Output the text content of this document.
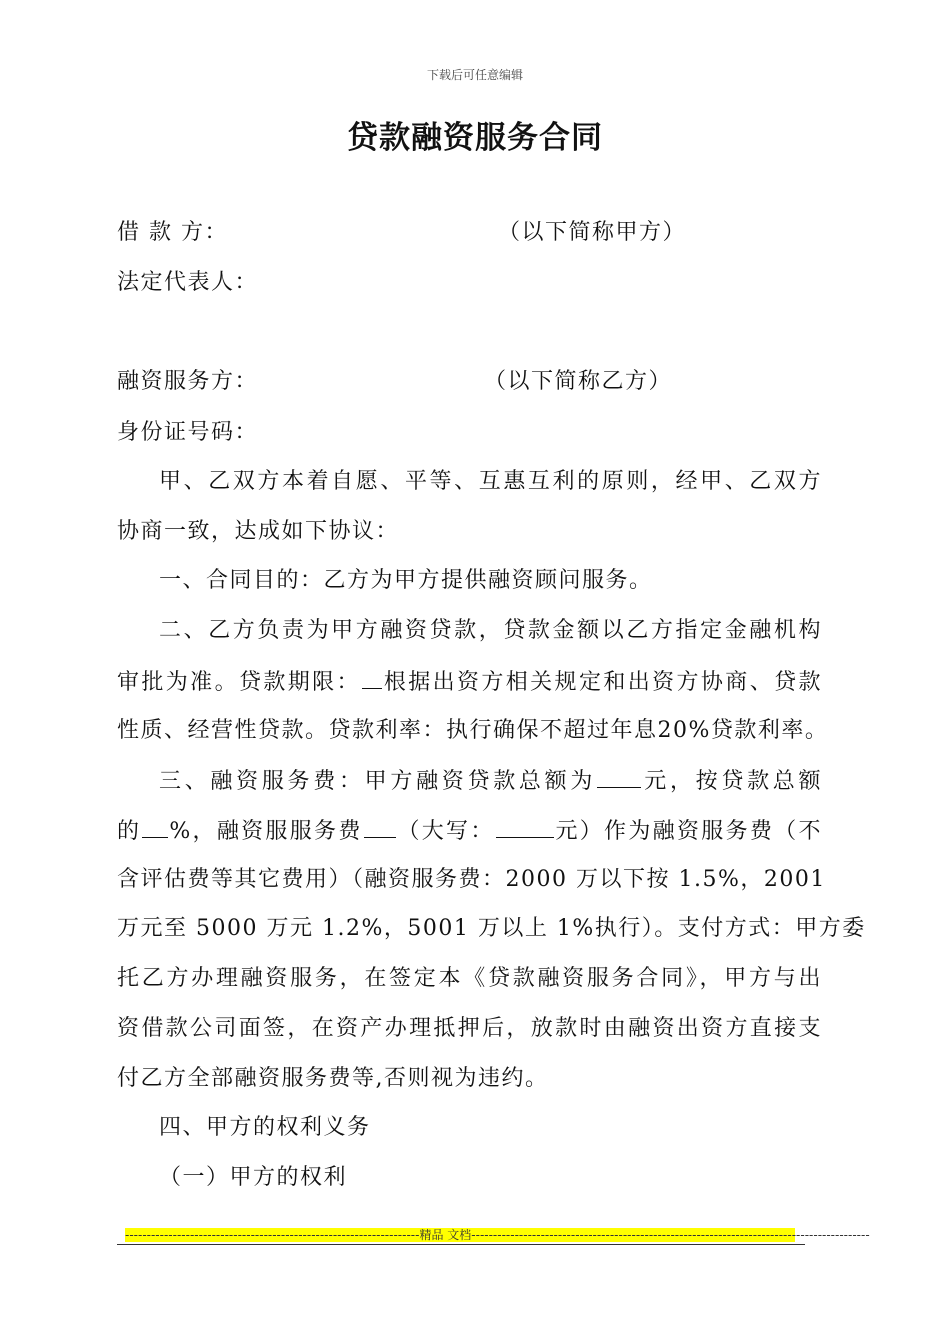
下载后可任意编辑
贷款融资服务合同
借 款 方：	（以下简称甲方）
法定代表人：
融资服务方：	（以下简称乙方）
身份证号码：
甲、乙双方本着自愿、平等、互惠互利的原则，经甲、乙双方
协商一致，达成如下协议：
一、合同目的：乙方为甲方提供融资顾问服务。
二、乙方负责为甲方融资贷款，贷款金额以乙方指定金融机构
审批为准。贷款期限： 根据出资方相关规定和出资方协商、贷款
性质、经营性贷款。贷款利率：执行确保不超过年息20%贷款利率。
三、融资服务费：甲方融资贷款总额为 元，按贷款总额
的 %，融资服服务费 （大写：	元）作为融资服务费（不
含评估费等其它费用）（融资服务费：2000 万以下按 1.5%，2001
万元至 5000 万元 1.2%，5001 万以上 1%执行）。支付方式：甲方委
托乙方办理融资服务，在签定本《贷款融资服务合同》，甲方与出
资借款公司面签，在资产办理抵押后，放款时由融资出资方直接支
付乙方全部融资服务费等,否则视为违约。
四、甲方的权利义务
（一）甲方的权利
--------------------------------------------------------------------精品 文档--------------------------------------------------------------------------------------------
